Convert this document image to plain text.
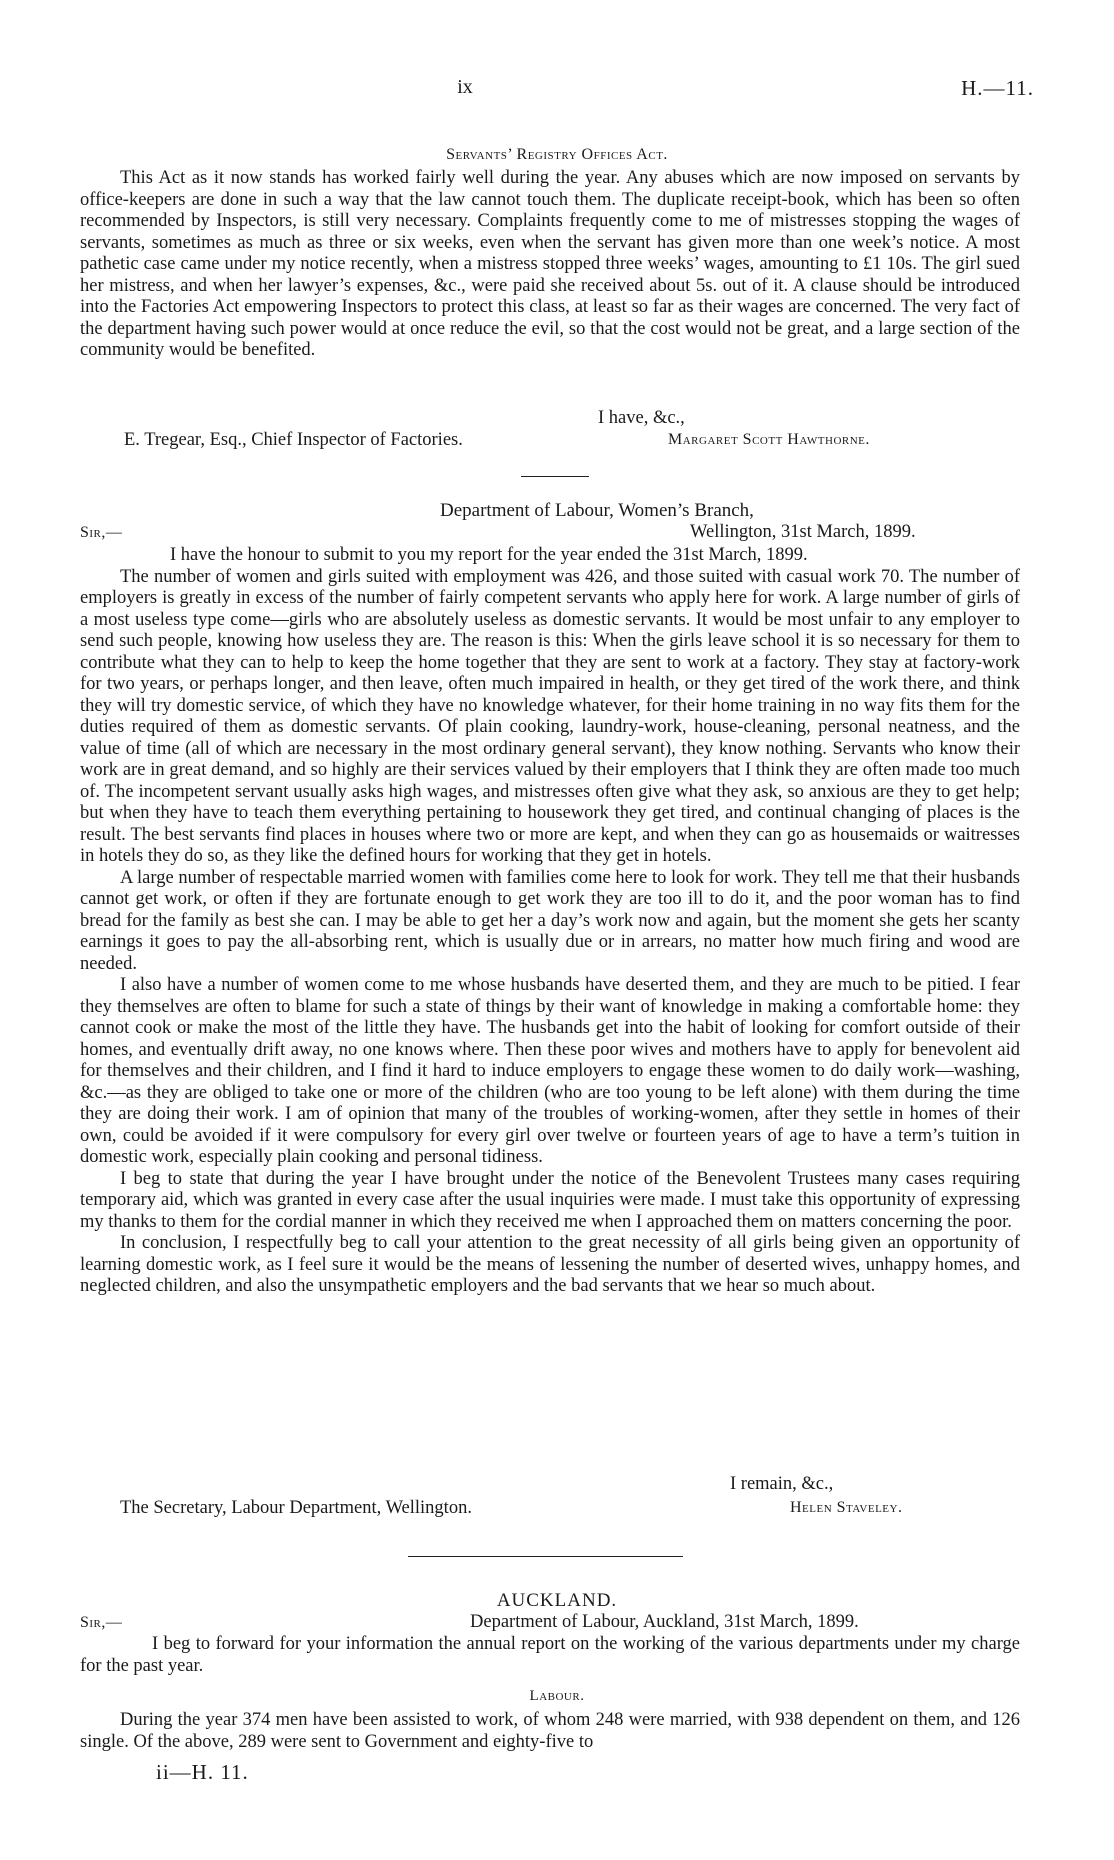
ix	H.—11.
Servants’ Registry Offices Act.

This Act as it now stands has worked fairly well during the year. Any abuses which are now imposed on servants by office-keepers are done in such a way that the law cannot touch them. The duplicate receipt-book, which has been so often recommended by Inspectors, is still very necessary. Complaints frequently come to me of mistresses stopping the wages of servants, sometimes as much as three or six weeks, even when the servant has given more than one week’s notice. A most pathetic case came under my notice recently, when a mistress stopped three weeks’ wages, amounting to £1 10s. The girl sued her mistress, and when her lawyer’s expenses, &c., were paid she received about 5s. out of it. A clause should be introduced into the Factories Act empowering Inspectors to protect this class, at least so far as their wages are concerned. The very fact of the department having such power would at once reduce the evil, so that the cost would not be great, and a large section of the community would be benefited.

I have, &c.,
E. Tregear, Esq., Chief Inspector of Factories.	Margaret Scott Hawthorne.
Department of Labour, Women’s Branch,
Sir,—	Wellington, 31st March, 1899.

I have the honour to submit to you my report for the year ended the 31st March, 1899.

The number of women and girls suited with employment was 426, and those suited with casual work 70. The number of employers is greatly in excess of the number of fairly competent servants who apply here for work. A large number of girls of a most useless type come—girls who are absolutely useless as domestic servants. It would be most unfair to any employer to send such people, knowing how useless they are. The reason is this: When the girls leave school it is so necessary for them to contribute what they can to help to keep the home together that they are sent to work at a factory. They stay at factory-work for two years, or perhaps longer, and then leave, often much impaired in health, or they get tired of the work there, and think they will try domestic service, of which they have no knowledge whatever, for their home training in no way fits them for the duties required of them as domestic servants. Of plain cooking, laundry-work, house-cleaning, personal neatness, and the value of time (all of which are necessary in the most ordinary general servant), they know nothing. Servants who know their work are in great demand, and so highly are their services valued by their employers that I think they are often made too much of. The incompetent servant usually asks high wages, and mistresses often give what they ask, so anxious are they to get help; but when they have to teach them everything pertaining to housework they get tired, and continual changing of places is the result. The best servants find places in houses where two or more are kept, and when they can go as housemaids or waitresses in hotels they do so, as they like the defined hours for working that they get in hotels.

A large number of respectable married women with families come here to look for work. They tell me that their husbands cannot get work, or often if they are fortunate enough to get work they are too ill to do it, and the poor woman has to find bread for the family as best she can. I may be able to get her a day’s work now and again, but the moment she gets her scanty earnings it goes to pay the all-absorbing rent, which is usually due or in arrears, no matter how much firing and wood are needed.

I also have a number of women come to me whose husbands have deserted them, and they are much to be pitied. I fear they themselves are often to blame for such a state of things by their want of knowledge in making a comfortable home: they cannot cook or make the most of the little they have. The husbands get into the habit of looking for comfort outside of their homes, and eventually drift away, no one knows where. Then these poor wives and mothers have to apply for benevolent aid for themselves and their children, and I find it hard to induce employers to engage these women to do daily work—washing, &c.—as they are obliged to take one or more of the children (who are too young to be left alone) with them during the time they are doing their work. I am of opinion that many of the troubles of working-women, after they settle in homes of their own, could be avoided if it were compulsory for every girl over twelve or fourteen years of age to have a term’s tuition in domestic work, especially plain cooking and personal tidiness.

I beg to state that during the year I have brought under the notice of the Benevolent Trustees many cases requiring temporary aid, which was granted in every case after the usual inquiries were made. I must take this opportunity of expressing my thanks to them for the cordial manner in which they received me when I approached them on matters concerning the poor.

In conclusion, I respectfully beg to call your attention to the great necessity of all girls being given an opportunity of learning domestic work, as I feel sure it would be the means of lessening the number of deserted wives, unhappy homes, and neglected children, and also the unsympathetic employers and the bad servants that we hear so much about.

I remain, &c.,
The Secretary, Labour Department, Wellington.	Helen Staveley.
AUCKLAND.
Sir,—	Department of Labour, Auckland, 31st March, 1899.

I beg to forward for your information the annual report on the working of the various departments under my charge for the past year.

Labour.

During the year 374 men have been assisted to work, of whom 248 were married, with 938 dependent on them, and 126 single. Of the above, 289 were sent to Government and eighty-five to

ii—H. 11.
